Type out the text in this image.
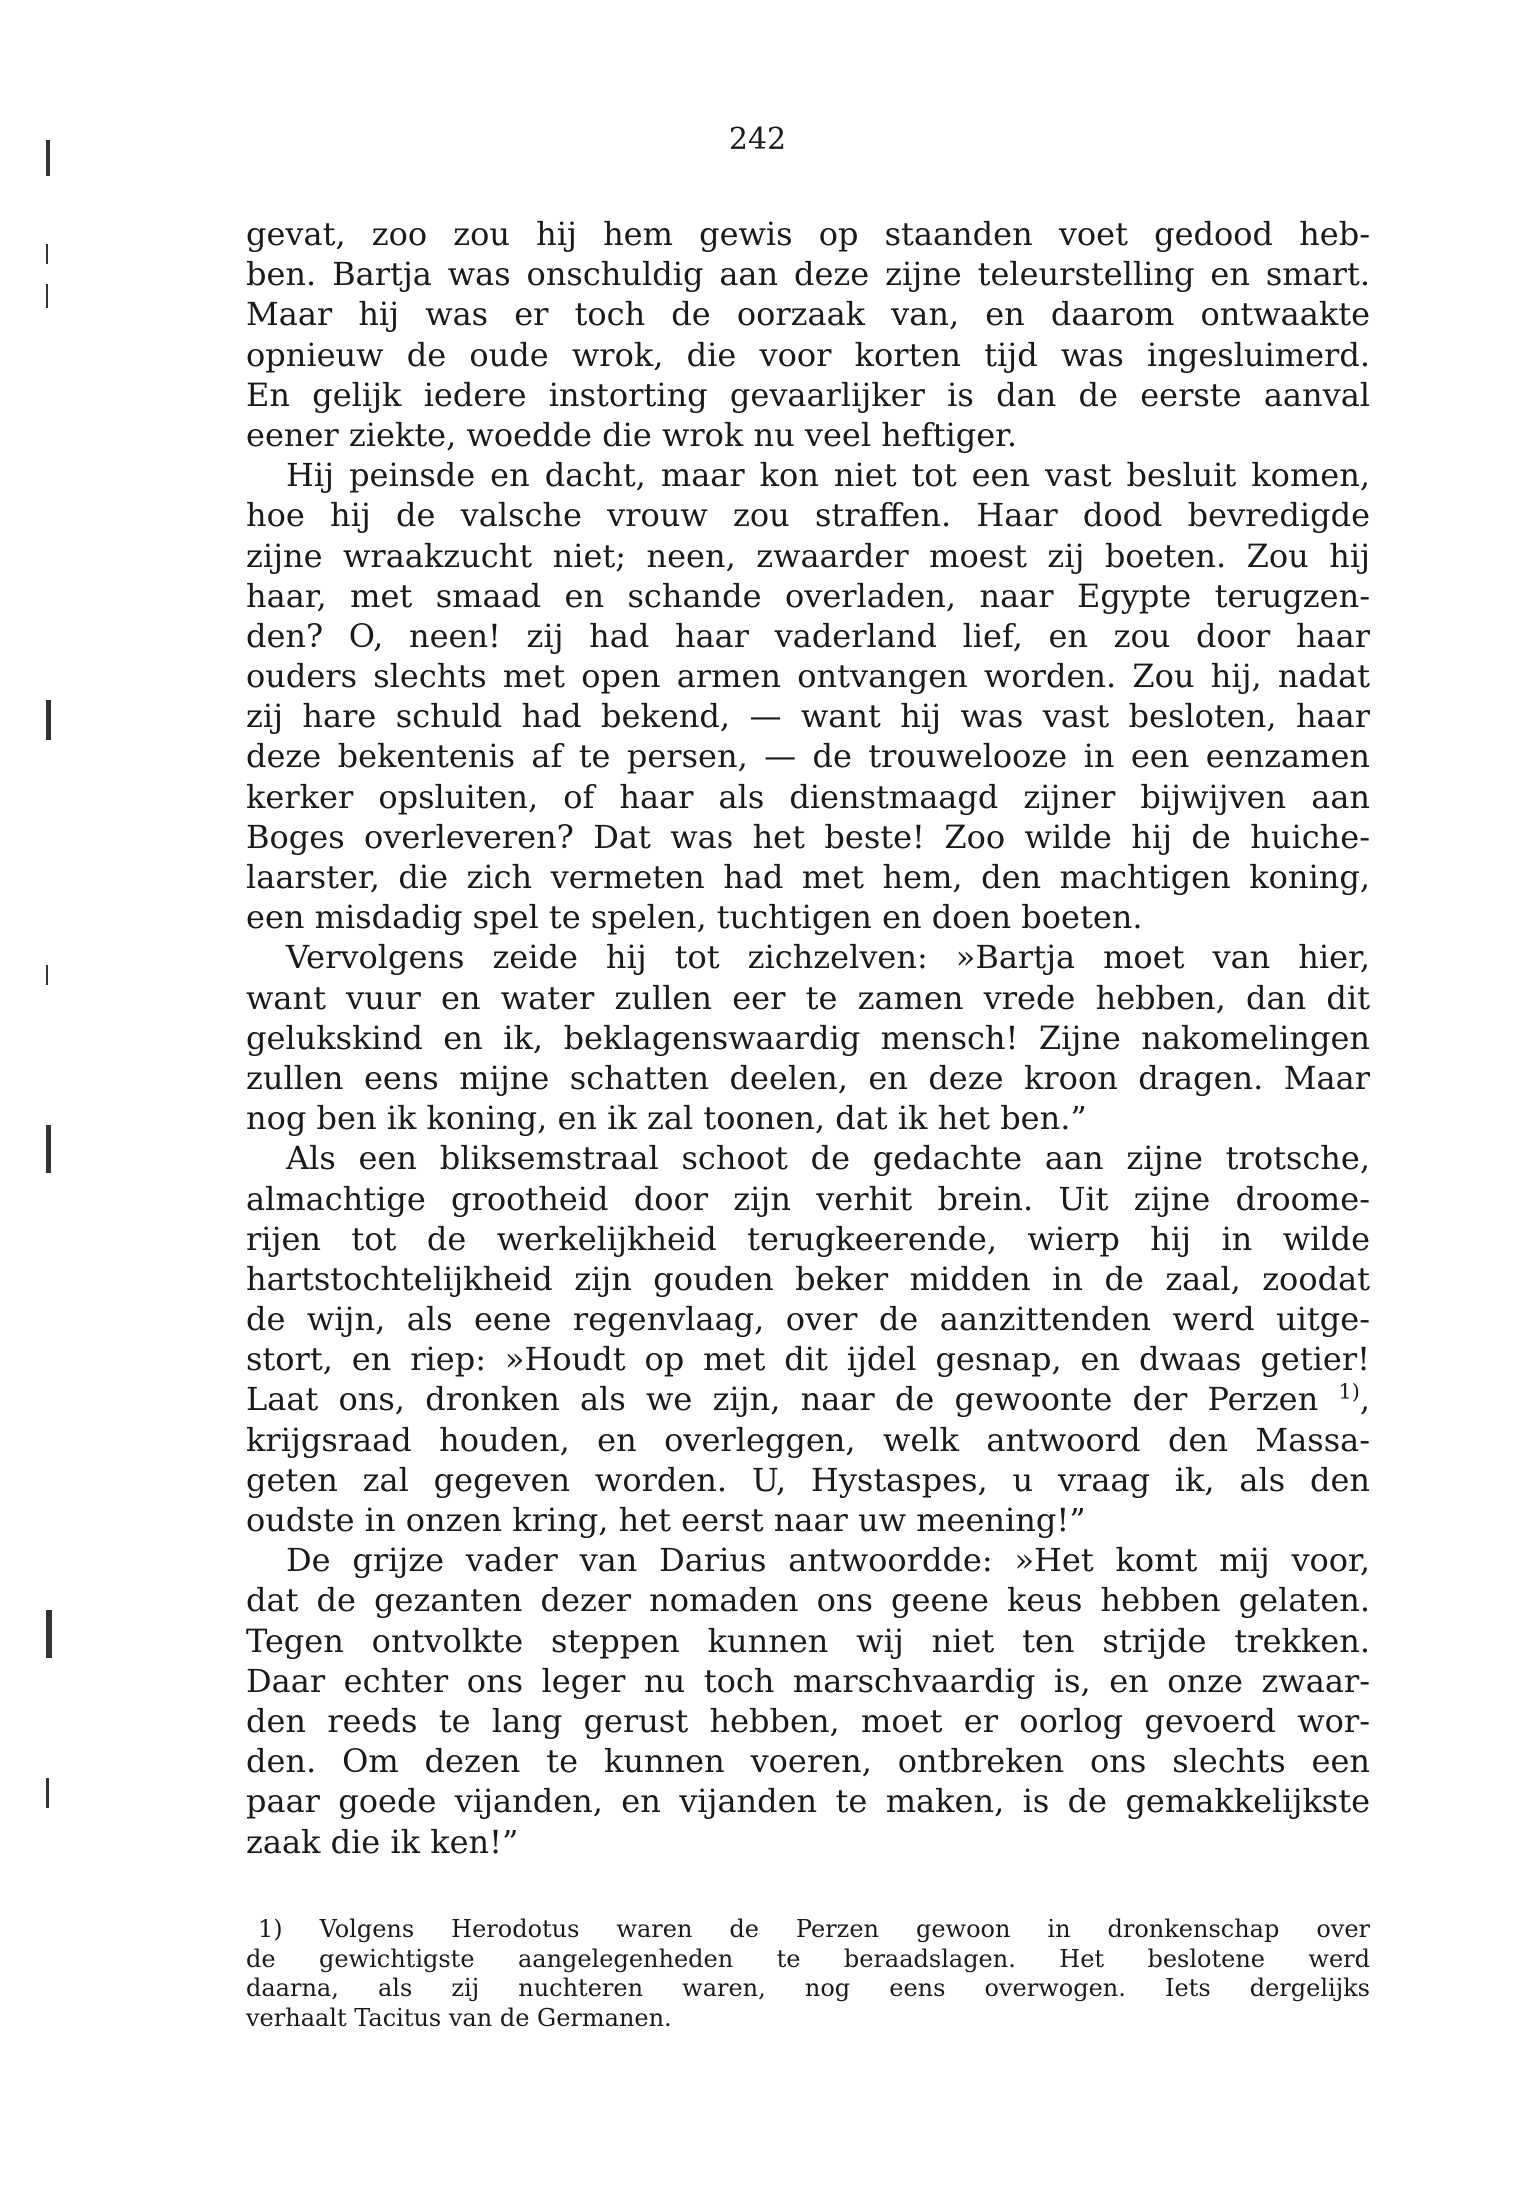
242
gevat, zoo zou hij hem gewis op staanden voet gedood heb-
ben. Bartja was onschuldig aan deze zijne teleurstelling en smart.
Maar hij was er toch de oorzaak van, en daarom ontwaakte
opnieuw de oude wrok, die voor korten tijd was ingesluimerd.
En gelijk iedere instorting gevaarlijker is dan de eerste aanval
eener ziekte, woedde die wrok nu veel heftiger.
Hij peinsde en dacht, maar kon niet tot een vast besluit komen,
hoe hij de valsche vrouw zou straffen. Haar dood bevredigde
zijne wraakzucht niet; neen, zwaarder moest zij boeten. Zou hij
haar, met smaad en schande overladen, naar Egypte terugzen-
den? O, neen! zij had haar vaderland lief, en zou door haar
ouders slechts met open armen ontvangen worden. Zou hij, nadat
zij hare schuld had bekend, — want hij was vast besloten, haar
deze bekentenis af te persen, — de trouwelooze in een eenzamen
kerker opsluiten, of haar als dienstmaagd zijner bijwijven aan
Boges overleveren? Dat was het beste! Zoo wilde hij de huiche-
laarster, die zich vermeten had met hem, den machtigen koning,
een misdadig spel te spelen, tuchtigen en doen boeten.
Vervolgens zeide hij tot zichzelven: »Bartja moet van hier,
want vuur en water zullen eer te zamen vrede hebben, dan dit
gelukskind en ik, beklagenswaardig mensch! Zijne nakomelingen
zullen eens mijne schatten deelen, en deze kroon dragen. Maar
nog ben ik koning, en ik zal toonen, dat ik het ben.”
Als een bliksemstraal schoot de gedachte aan zijne trotsche,
almachtige grootheid door zijn verhit brein. Uit zijne droome-
rijen tot de werkelijkheid terugkeerende, wierp hij in wilde
hartstochtelijkheid zijn gouden beker midden in de zaal, zoodat
de wijn, als eene regenvlaag, over de aanzittenden werd uitge-
stort, en riep: »Houdt op met dit ijdel gesnap, en dwaas getier!
Laat ons, dronken als we zijn, naar de gewoonte der Perzen $^{1)}$,
krijgsraad houden, en overleggen, welk antwoord den Massa-
geten zal gegeven worden. U, Hystaspes, u vraag ik, als den
oudste in onzen kring, het eerst naar uw meening!”
De grijze vader van Darius antwoordde: »Het komt mij voor,
dat de gezanten dezer nomaden ons geene keus hebben gelaten.
Tegen ontvolkte steppen kunnen wij niet ten strijde trekken.
Daar echter ons leger nu toch marschvaardig is, en onze zwaar-
den reeds te lang gerust hebben, moet er oorlog gevoerd wor-
den. Om dezen te kunnen voeren, ontbreken ons slechts een
paar goede vijanden, en vijanden te maken, is de gemakkelijkste
zaak die ik ken!”
1) Volgens Herodotus waren de Perzen gewoon in dronkenschap over
de gewichtigste aangelegenheden te beraadslagen. Het beslotene werd
daarna, als zij nuchteren waren, nog eens overwogen. Iets dergelijks
verhaalt Tacitus van de Germanen.
